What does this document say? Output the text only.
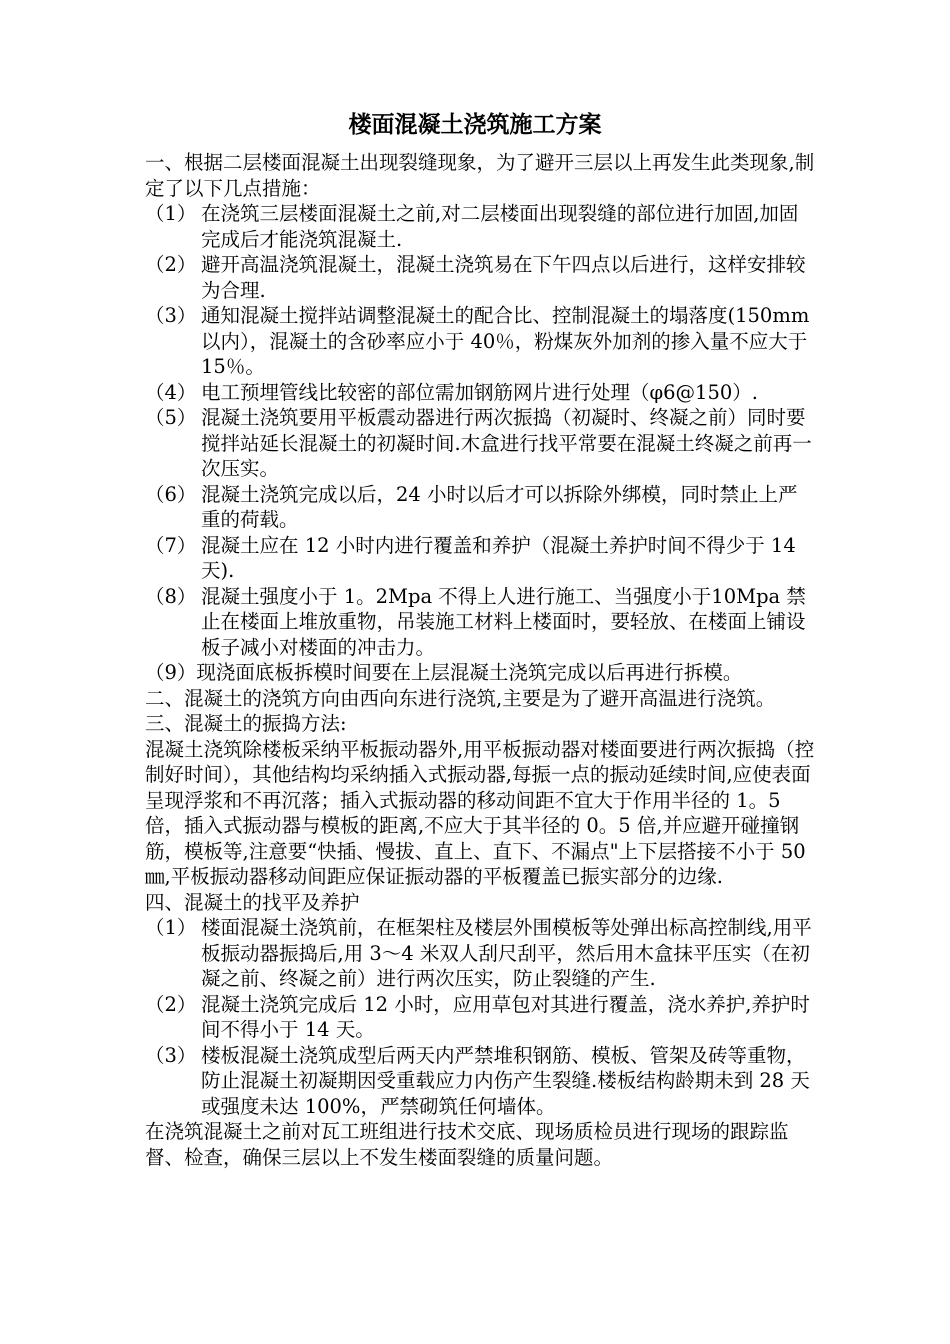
楼面混凝土浇筑施工方案

一、根据二层楼面混凝土出现裂缝现象，为了避开三层以上再发生此类现象,制定了以下几点措施：

（1） 在浇筑三层楼面混凝土之前,对二层楼面出现裂缝的部位进行加固,加固完成后才能浇筑混凝土.
（2） 避开高温浇筑混凝土，混凝土浇筑易在下午四点以后进行，这样安排较为合理.
（3） 通知混凝土搅拌站调整混凝土的配合比、控制混凝土的塌落度(150mm 以内），混凝土的含砂率应小于 40％，粉煤灰外加剂的掺入量不应大于 15％。
（4） 电工预埋管线比较密的部位需加钢筋网片进行处理（φ6@150）.
（5） 混凝土浇筑要用平板震动器进行两次振捣（初凝时、终凝之前）同时要搅拌站延长混凝土的初凝时间.木盒进行找平常要在混凝土终凝之前再一次压实。
（6） 混凝土浇筑完成以后，24 小时以后才可以拆除外绑模，同时禁止上严重的荷载。
（7） 混凝土应在 12 小时内进行覆盖和养护（混凝土养护时间不得少于 14 天).
（8） 混凝土强度小于 1。2Mpa 不得上人进行施工、当强度小于10Mpa 禁止在楼面上堆放重物，吊装施工材料上楼面时，要轻放、在楼面上铺设板子减小对楼面的冲击力。
（9）现浇面底板拆模时间要在上层混凝土浇筑完成以后再进行拆模。

二、混凝土的浇筑方向由西向东进行浇筑,主要是为了避开高温进行浇筑。

三、混凝土的振捣方法:

混凝土浇筑除楼板采纳平板振动器外,用平板振动器对楼面要进行两次振捣（控制好时间），其他结构均采纳插入式振动器,每振一点的振动延续时间,应使表面呈现浮浆和不再沉落；插入式振动器的移动间距不宜大于作用半径的 1。5 倍，插入式振动器与模板的距离,不应大于其半径的 0。5 倍,并应避开碰撞钢筋，模板等,注意要“快插、慢拔、直上、直下、不漏点"上下层搭接不小于 50㎜,平板振动器移动间距应保证振动器的平板覆盖已振实部分的边缘.

四、混凝土的找平及养护

（1） 楼面混凝土浇筑前，在框架柱及楼层外围模板等处弹出标高控制线,用平板振动器振捣后,用 3～4 米双人刮尺刮平，然后用木盒抹平压实（在初凝之前、终凝之前）进行两次压实，防止裂缝的产生.
（2） 混凝土浇筑完成后 12 小时，应用草包对其进行覆盖，浇水养护,养护时间不得小于 14 天。
（3） 楼板混凝土浇筑成型后两天内严禁堆积钢筋、模板、管架及砖等重物，防止混凝土初凝期因受重载应力内伤产生裂缝.楼板结构龄期未到 28 天或强度未达 100%，严禁砌筑任何墙体。

在浇筑混凝土之前对瓦工班组进行技术交底、现场质检员进行现场的跟踪监督、检查，确保三层以上不发生楼面裂缝的质量问题。
